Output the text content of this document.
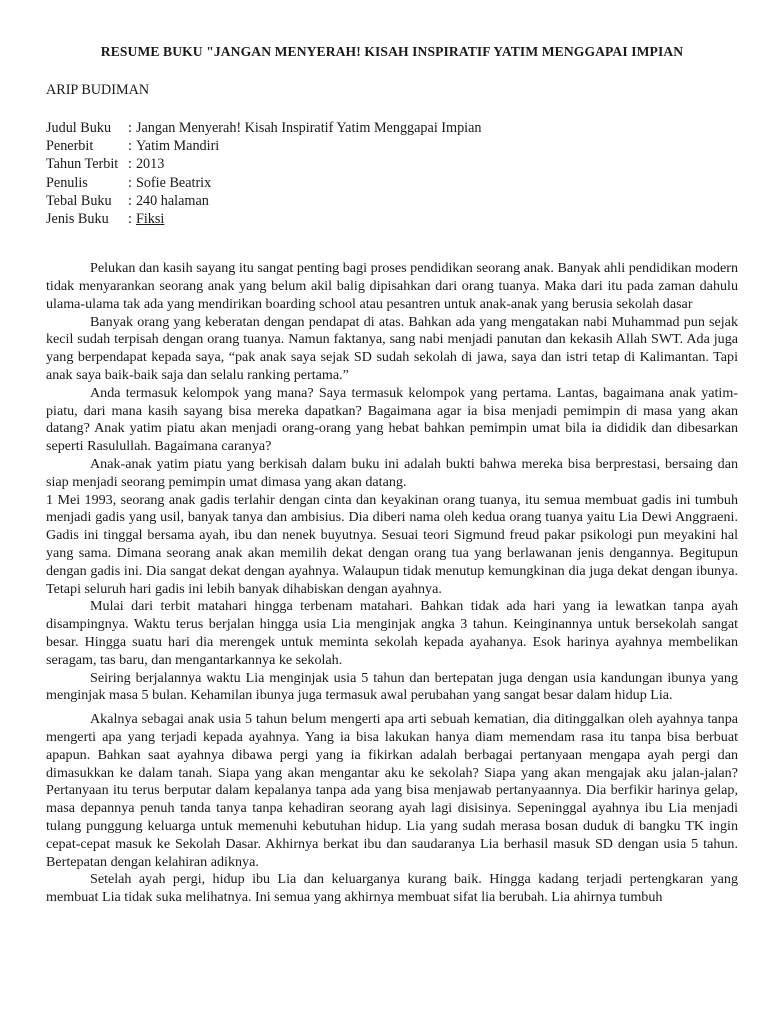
RESUME BUKU "JANGAN MENYERAH! KISAH INSPIRATIF YATIM MENGGAPAI IMPIAN
ARIP BUDIMAN
Judul Buku	: Jangan Menyerah! Kisah Inspiratif Yatim Menggapai Impian
Penerbit	: Yatim Mandiri
Tahun Terbit : 2013
Penulis	: Sofie Beatrix
Tebal Buku	: 240 halaman
Jenis Buku	: Fiksi

Pelukan dan kasih sayang itu sangat penting bagi proses pendidikan seorang anak. Banyak ahli pendidikan modern tidak menyarankan seorang anak yang belum akil balig dipisahkan dari orang tuanya. Maka dari itu pada zaman dahulu ulama-ulama tak ada yang mendirikan boarding school atau pesantren untuk anak-anak yang berusia sekolah dasar

Banyak orang yang keberatan dengan pendapat di atas. Bahkan ada yang mengatakan nabi Muhammad pun sejak kecil sudah terpisah dengan orang tuanya. Namun faktanya, sang nabi menjadi panutan dan kekasih Allah SWT. Ada juga yang berpendapat kepada saya, “pak anak saya sejak SD sudah sekolah di jawa, saya dan istri tetap di Kalimantan. Tapi anak saya baik-baik saja dan selalu ranking pertama.”

Anda termasuk kelompok yang mana? Saya termasuk kelompok yang pertama. Lantas, bagaimana anak yatim-piatu, dari mana kasih sayang bisa mereka dapatkan? Bagaimana agar ia bisa menjadi pemimpin di masa yang akan datang? Anak yatim piatu akan menjadi orang-orang yang hebat bahkan pemimpin umat bila ia dididik dan dibesarkan seperti Rasulullah. Bagaimana caranya?

Anak-anak yatim piatu yang berkisah dalam buku ini adalah bukti bahwa mereka bisa berprestasi, bersaing dan siap menjadi seorang pemimpin umat dimasa yang akan datang.

1 Mei 1993, seorang anak gadis terlahir dengan cinta dan keyakinan orang tuanya, itu semua membuat gadis ini tumbuh menjadi gadis yang usil, banyak tanya dan ambisius. Dia diberi nama oleh kedua orang tuanya yaitu Lia Dewi Anggraeni. Gadis ini tinggal bersama ayah, ibu dan nenek buyutnya. Sesuai teori Sigmund freud pakar psikologi pun meyakini hal yang sama. Dimana seorang anak akan memilih dekat dengan orang tua yang berlawanan jenis dengannya. Begitupun dengan gadis ini. Dia sangat dekat dengan ayahnya. Walaupun tidak menutup kemungkinan dia juga dekat dengan ibunya. Tetapi seluruh hari gadis ini lebih banyak dihabiskan dengan ayahnya.

Mulai dari terbit matahari hingga terbenam matahari. Bahkan tidak ada hari yang ia lewatkan tanpa ayah disampingnya. Waktu terus berjalan hingga usia Lia menginjak angka 3 tahun. Keinginannya untuk bersekolah sangat besar. Hingga suatu hari dia merengek untuk meminta sekolah kepada ayahanya. Esok harinya ayahnya membelikan seragam, tas baru, dan mengantarkannya ke sekolah.

Seiring berjalannya waktu Lia menginjak usia 5 tahun dan bertepatan juga dengan usia kandungan ibunya yang menginjak masa 5 bulan. Kehamilan ibunya juga termasuk awal perubahan yang sangat besar dalam hidup Lia.

Akalnya sebagai anak usia 5 tahun belum mengerti apa arti sebuah kematian, dia ditinggalkan oleh ayahnya tanpa mengerti apa yang terjadi kepada ayahnya. Yang ia bisa lakukan hanya diam memendam rasa itu tanpa bisa berbuat apapun. Bahkan saat ayahnya dibawa pergi yang ia fikirkan adalah berbagai pertanyaan mengapa ayah pergi dan dimasukkan ke dalam tanah. Siapa yang akan mengantar aku ke sekolah? Siapa yang akan mengajak aku jalan-jalan? Pertanyaan itu terus berputar dalam kepalanya tanpa ada yang bisa menjawab pertanyaannya. Dia berfikir harinya gelap, masa depannya penuh tanda tanya tanpa kehadiran seorang ayah lagi disisinya. Sepeninggal ayahnya ibu Lia menjadi tulang punggung keluarga untuk memenuhi kebutuhan hidup. Lia yang sudah merasa bosan duduk di bangku TK ingin cepat-cepat masuk ke Sekolah Dasar. Akhirnya berkat ibu dan saudaranya Lia berhasil masuk SD dengan usia 5 tahun. Bertepatan dengan kelahiran adiknya.

Setelah ayah pergi, hidup ibu Lia dan keluarganya kurang baik. Hingga kadang terjadi pertengkaran yang membuat Lia tidak suka melihatnya. Ini semua yang akhirnya membuat sifat lia berubah. Lia ahirnya tumbuh
